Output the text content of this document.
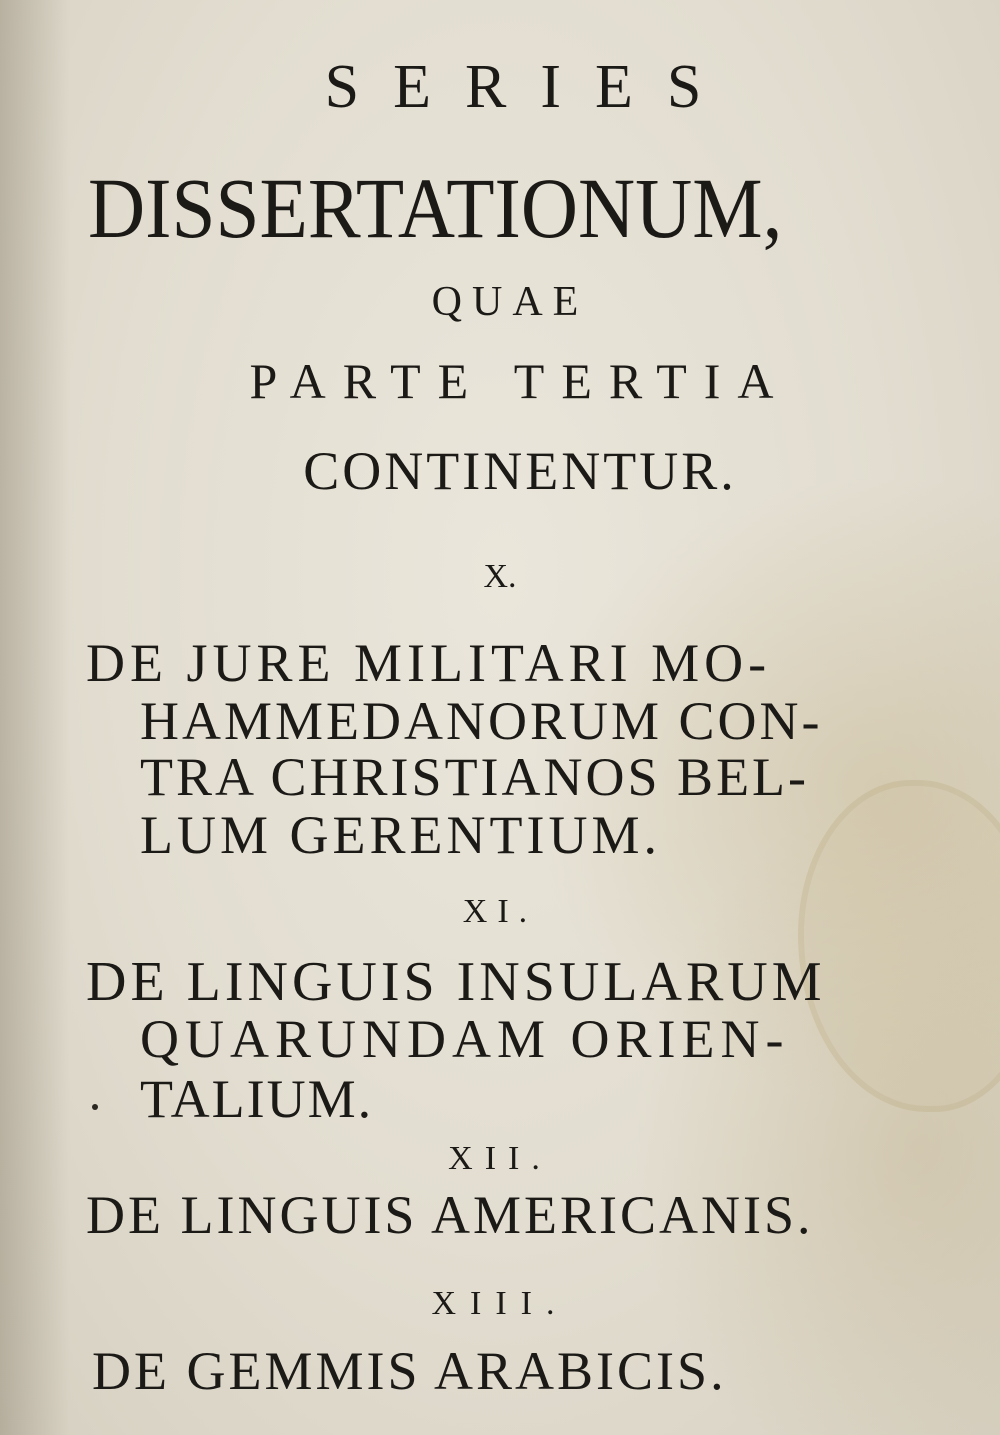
SERIES
DISSERTATIONUM,
QUAE
PARTE TERTIA
CONTINENTUR.
X.
DE JURE MILITARI MO-
HAMMEDANORUM CON-
TRA CHRISTIANOS BEL-
LUM GERENTIUM.
XI.
DE LINGUIS INSULARUM
QUARUNDAM ORIEN-
TALIUM.
XII.
DE LINGUIS AMERICANIS.
XIII.
DE GEMMIS ARABICIS.
